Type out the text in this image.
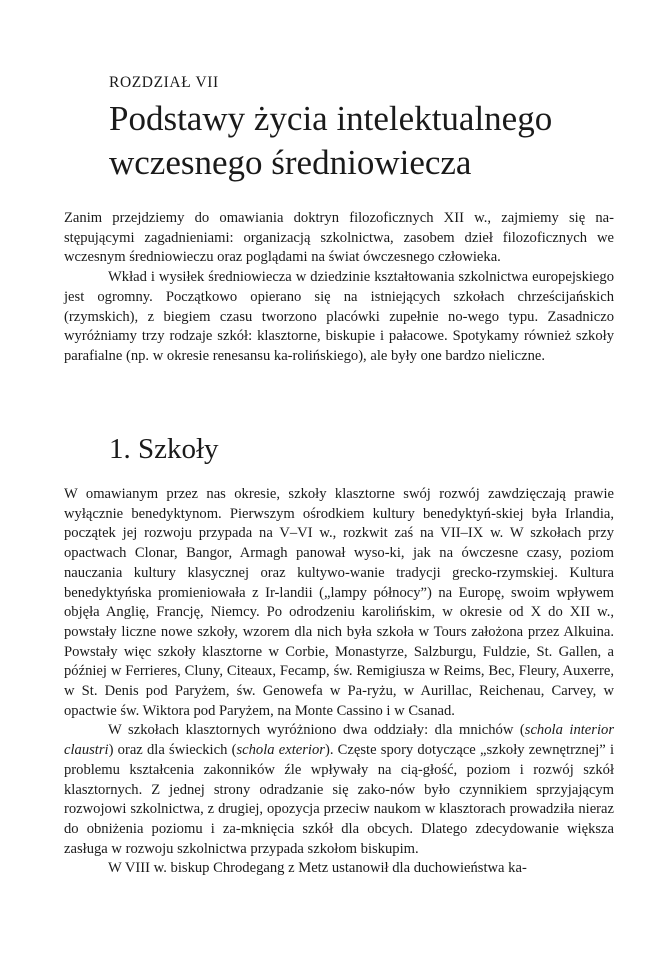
ROZDZIAŁ VII
Podstawy życia intelektualnego
wczesnego średniowiecza

Zanim przejdziemy do omawiania doktryn filozoficznych XII w., zajmiemy się na-stępującymi zagadnieniami: organizacją szkolnictwa, zasobem dzieł filozoficznych we wczesnym średniowieczu oraz poglądami na świat ówczesnego człowieka.

Wkład i wysiłek średniowiecza w dziedzinie kształtowania szkolnictwa europejskiego jest ogromny. Początkowo opierano się na istniejących szkołach chrześcijańskich (rzymskich), z biegiem czasu tworzono placówki zupełnie no-wego typu. Zasadniczo wyróżniamy trzy rodzaje szkół: klasztorne, biskupie i pałacowe. Spotykamy również szkoły parafialne (np. w okresie renesansu ka-rolińskiego), ale były one bardzo nieliczne.

1. Szkoły

W omawianym przez nas okresie, szkoły klasztorne swój rozwój zawdzięczają prawie wyłącznie benedyktynom. Pierwszym ośrodkiem kultury benedyktyń-skiej była Irlandia, początek jej rozwoju przypada na V–VI w., rozkwit zaś na VII–IX w. W szkołach przy opactwach Clonar, Bangor, Armagh panował wyso-ki, jak na ówczesne czasy, poziom nauczania kultury klasycznej oraz kultywo-wanie tradycji grecko-rzymskiej. Kultura benedyktyńska promieniowała z Ir-landii („lampy północy”) na Europę, swoim wpływem objęła Anglię, Francję, Niemcy. Po odrodzeniu karolińskim, w okresie od X do XII w., powstały liczne nowe szkoły, wzorem dla nich była szkoła w Tours założona przez Alkuina. Powstały więc szkoły klasztorne w Corbie, Monastyrze, Salzburgu, Fuldzie, St. Gallen, a później w Ferrieres, Cluny, Citeaux, Fecamp, św. Remigiusza w Reims, Bec, Fleury, Auxerre, w St. Denis pod Paryżem, św. Genowefa w Pa-ryżu, w Aurillac, Reichenau, Carvey, w opactwie św. Wiktora pod Paryżem, na Monte Cassino i w Csanad.

W szkołach klasztornych wyróżniono dwa oddziały: dla mnichów (schola interior claustri) oraz dla świeckich (schola exterior). Częste spory dotyczące „szkoły zewnętrznej” i problemu kształcenia zakonników źle wpływały na cią-głość, poziom i rozwój szkół klasztornych. Z jednej strony odradzanie się zako-nów było czynnikiem sprzyjającym rozwojowi szkolnictwa, z drugiej, opozycja przeciw naukom w klasztorach prowadziła nieraz do obniżenia poziomu i za-mknięcia szkół dla obcych. Dlatego zdecydowanie większa zasługa w rozwoju szkolnictwa przypada szkołom biskupim.

W VIII w. biskup Chrodegang z Metz ustanowił dla duchowieństwa ka-
